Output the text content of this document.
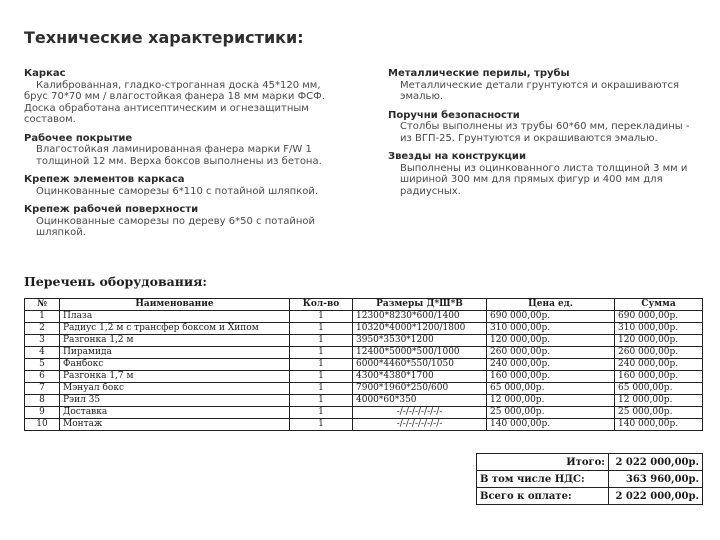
Технические характеристики:
Каркас

Калиброванная, гладко-строганная доска 45*120 мм,
брус 70*70 мм / влагостойкая фанера 18 мм марки ФСФ.
Доска обработана антисептическим и огнезащитным
составом.

Рабочее покрытие

Влагостойкая ламинированная фанера марки F/W 1
толщиной 12 мм. Верха боксов выполнены из бетона.

Крепеж элементов каркаса

Оцинкованные саморезы 6*110 с потайной шляпкой.

Крепеж рабочей поверхности

Оцинкованные саморезы по дереву 6*50 с потайной
шляпкой.

Металлические перилы, трубы

Металлические детали грунтуются и окрашиваются
эмалью.

Поручни безопасности

Столбы выполнены из трубы 60*60 мм, перекладины -
из ВГП-25. Грунтуются и окрашиваются эмалью.

Звезды на конструкции

Выполнены из оцинкованного листа толщиной 3 мм и
шириной 300 мм для прямых фигур и 400 мм для
радиусных.

Перечень оборудования:
№	Наименование	Кол-во	Размеры Д*Ш*В	Цена ед.	Сумма
1	Плаза	1	12300*8230*600/1400	690 000,00р.	690 000,00р.
2	Радиус 1,2 м с трансфер боксом и Хипом	1	10320*4000*1200/1800	310 000,00р.	310 000,00р.
3	Разгонка 1,2 м	1	3950*3530*1200	120 000,00р.	120 000,00р.
4	Пирамида	1	12400*5000*500/1000	260 000,00р.	260 000,00р.
5	Фанбокс	1	6000*4460*550/1050	240 000,00р.	240 000,00р.
6	Разгонка 1,7 м	1	4300*4380*1700	160 000,00р.	160 000,00р.
7	Мэнуал бокс	1	7900*1960*250/600	65 000,00р.	65 000,00р.
8	Рэил 35	1	4000*60*350	12 000,00р.	12 000,00р.
9	Доставка	1	-/-/-/-/-/-/-/-	25 000,00р.	25 000,00р.
10	Монтаж	1	-/-/-/-/-/-/-/-	140 000,00р.	140 000,00р.
Итого:	2 022 000,00р.
В том числе НДС:	363 960,00р.
Всего к оплате:	2 022 000,00р.
